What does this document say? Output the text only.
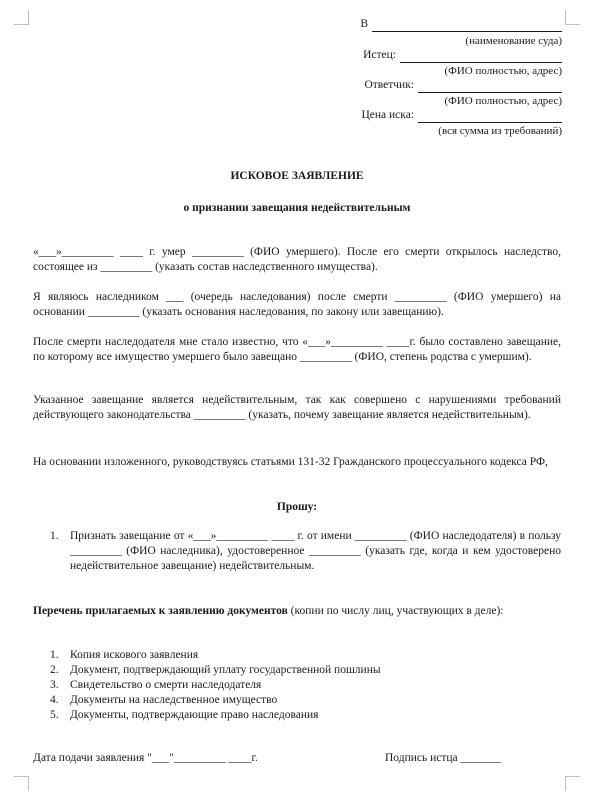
В
(наименование суда)
Истец:
(ФИО полностью, адрес)
Ответчик:
(ФИО полностью, адрес)
Цена иска:
(вся сумма из требований)
ИСКОВОЕ ЗАЯВЛЕНИЕ
о признании завещания недействительным
«___»_________ ____ г. умер _________ (ФИО умершего). После его смерти открылось наследство, состоящее из _________ (указать состав наследственного имущества).
Я являюсь наследником ___ (очередь наследования) после смерти _________ (ФИО умершего) на основании _________ (указать основания наследования, по закону или завещанию).
После смерти наследодателя мне стало известно, что «___»_________ ____г. было составлено завещание, по которому все имущество умершего было завещано _________ (ФИО, степень родства с умершим).
Указанное завещание является недействительным, так как совершено с нарушениями требований действующего законодательства _________ (указать, почему завещание является недействительным).
На основании изложенного, руководствуясь статьями 131-32 Гражданского процессуального кодекса РФ,
Прошу:
1. Признать завещание от «___»_________ ____ г. от имени _________ (ФИО наследодателя) в пользу _________ (ФИО наследника), удостоверенное _________ (указать где, когда и кем удостоверено недействительное завещание) недействительным.
Перечень прилагаемых к заявлению документов (копии по числу лиц, участвующих в деле):
1. Копия искового заявления
2. Документ, подтверждающий уплату государственной пошлины
3. Свидетельство о смерти наследодателя
4. Документы на наследственное имущество
5. Документы, подтверждающие право наследования
Дата подачи заявления "___"_________ ____г.	Подпись истца _______
